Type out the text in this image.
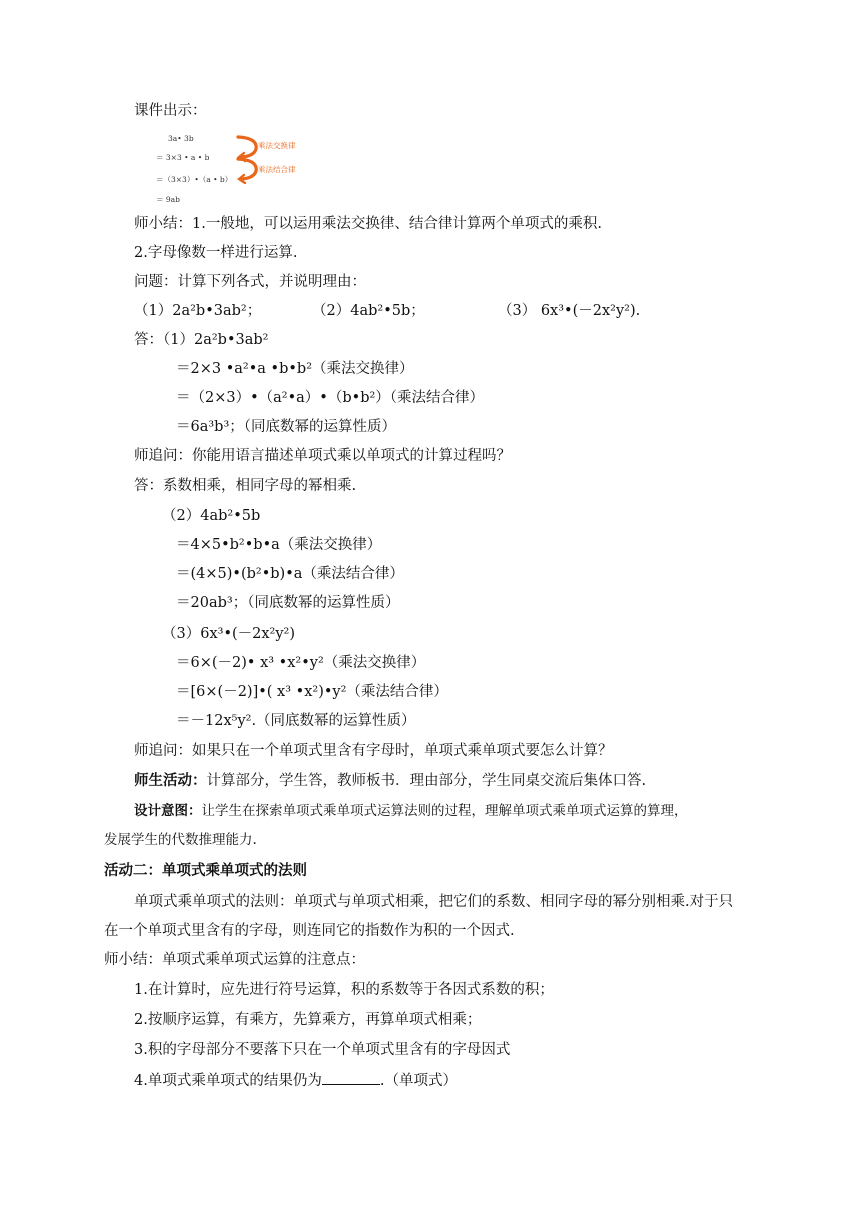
课件出示：
3a• 3b
＝ 3×3 • a • b
＝（3×3）•（a • b）
＝ 9ab
乘法交换律
乘法结合律
师小结：1.一般地，可以运用乘法交换律、结合律计算两个单项式的乘积.
2.字母像数一样进行运算.
问题：计算下列各式，并说明理由：
（1）2a²b•3ab²；	（2）4ab²•5b；	（3） 6x³•(－2x²y²).
答：（1）2a²b•3ab²
＝2×3 •a²•a •b•b²（乘法交换律）
＝（2×3）•（a²•a）•（b•b²）（乘法结合律）
＝6a³b³；（同底数幂的运算性质）
师追问：你能用语言描述单项式乘以单项式的计算过程吗？
答：系数相乘，相同字母的幂相乘.
（2）4ab²•5b
＝4×5•b²•b•a（乘法交换律）
＝(4×5)•(b²•b)•a（乘法结合律）
＝20ab³；（同底数幂的运算性质）
（3）6x³•(－2x²y²)
＝6×(－2)• x³ •x²•y²（乘法交换律）
＝[6×(－2)]•( x³ •x²)•y²（乘法结合律）
＝－12x⁵y².（同底数幂的运算性质）
师追问：如果只在一个单项式里含有字母时，单项式乘单项式要怎么计算？
师生活动：计算部分，学生答，教师板书．理由部分，学生同桌交流后集体口答.
设计意图：让学生在探索单项式乘单项式运算法则的过程，理解单项式乘单项式运算的算理，
发展学生的代数推理能力.
活动二：单项式乘单项式的法则
单项式乘单项式的法则：单项式与单项式相乘，把它们的系数、相同字母的幂分别相乘.对于只
在一个单项式里含有的字母，则连同它的指数作为积的一个因式.
师小结：单项式乘单项式运算的注意点：
1.在计算时，应先进行符号运算，积的系数等于各因式系数的积；
2.按顺序运算，有乘方，先算乘方，再算单项式相乘；
3.积的字母部分不要落下只在一个单项式里含有的字母因式
4.单项式乘单项式的结果仍为	.（单项式）
